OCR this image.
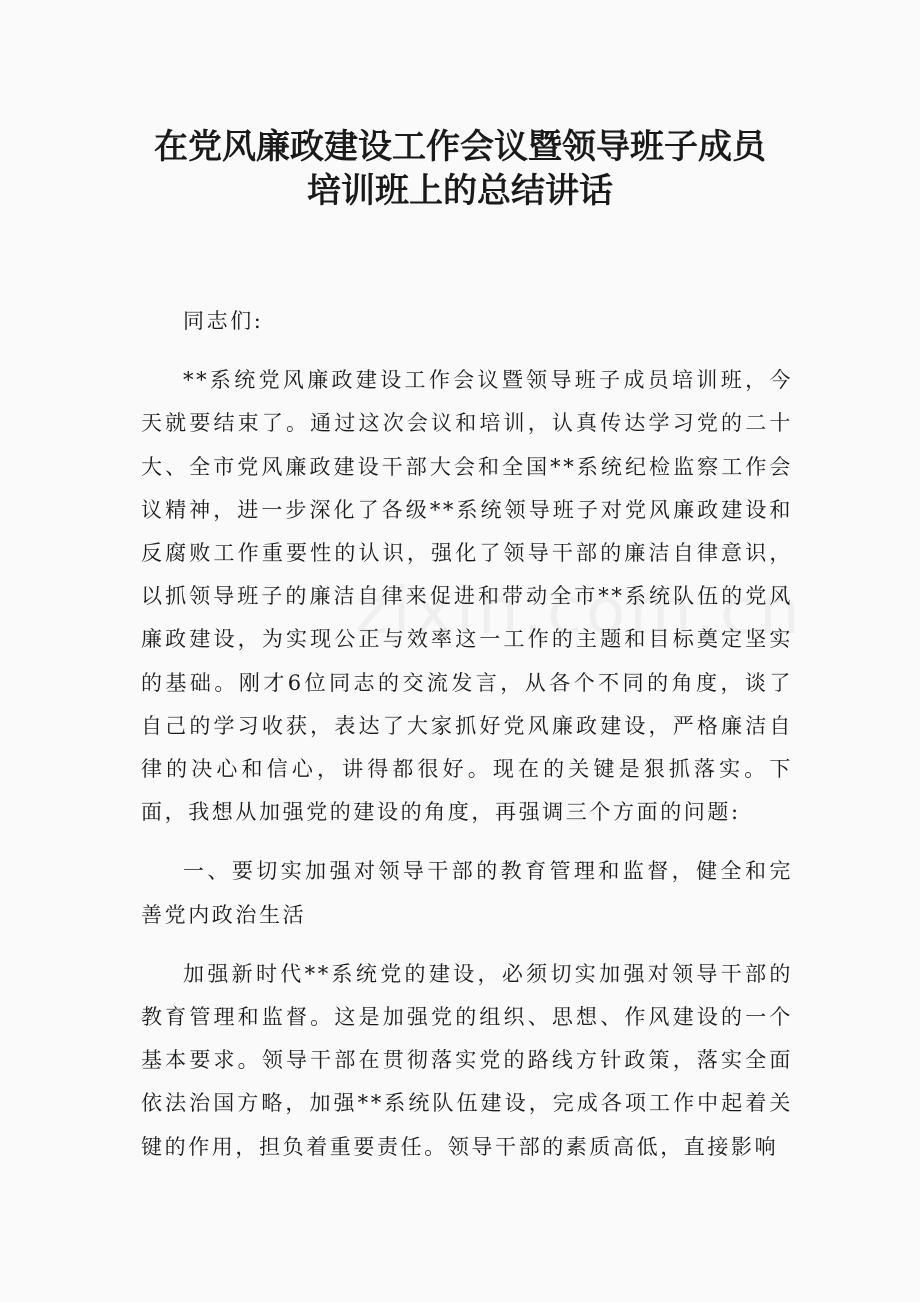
在党风廉政建设工作会议暨领导班子成员
培训班上的总结讲话

同志们:

**系统党风廉政建设工作会议暨领导班子成员培训班，今天就要结束了。通过这次会议和培训，认真传达学习党的二十大、全市党风廉政建设干部大会和全国**系统纪检监察工作会议精神，进一步深化了各级**系统领导班子对党风廉政建设和反腐败工作重要性的认识，强化了领导干部的廉洁自律意识，以抓领导班子的廉洁自律来促进和带动全市**系统队伍的党风廉政建设，为实现公正与效率这一工作的主题和目标奠定坚实的基础。刚才6位同志的交流发言，从各个不同的角度，谈了自己的学习收获，表达了大家抓好党风廉政建设，严格廉洁自律的决心和信心，讲得都很好。现在的关键是狠抓落实。下面，我想从加强党的建设的角度，再强调三个方面的问题:

一、要切实加强对领导干部的教育管理和监督，健全和完善党内政治生活

加强新时代**系统党的建设，必须切实加强对领导干部的教育管理和监督。这是加强党的组织、思想、作风建设的一个基本要求。领导干部在贯彻落实党的路线方针政策，落实全面依法治国方略，加强**系统队伍建设，完成各项工作中起着关键的作用，担负着重要责任。领导干部的素质高低，直接影响
